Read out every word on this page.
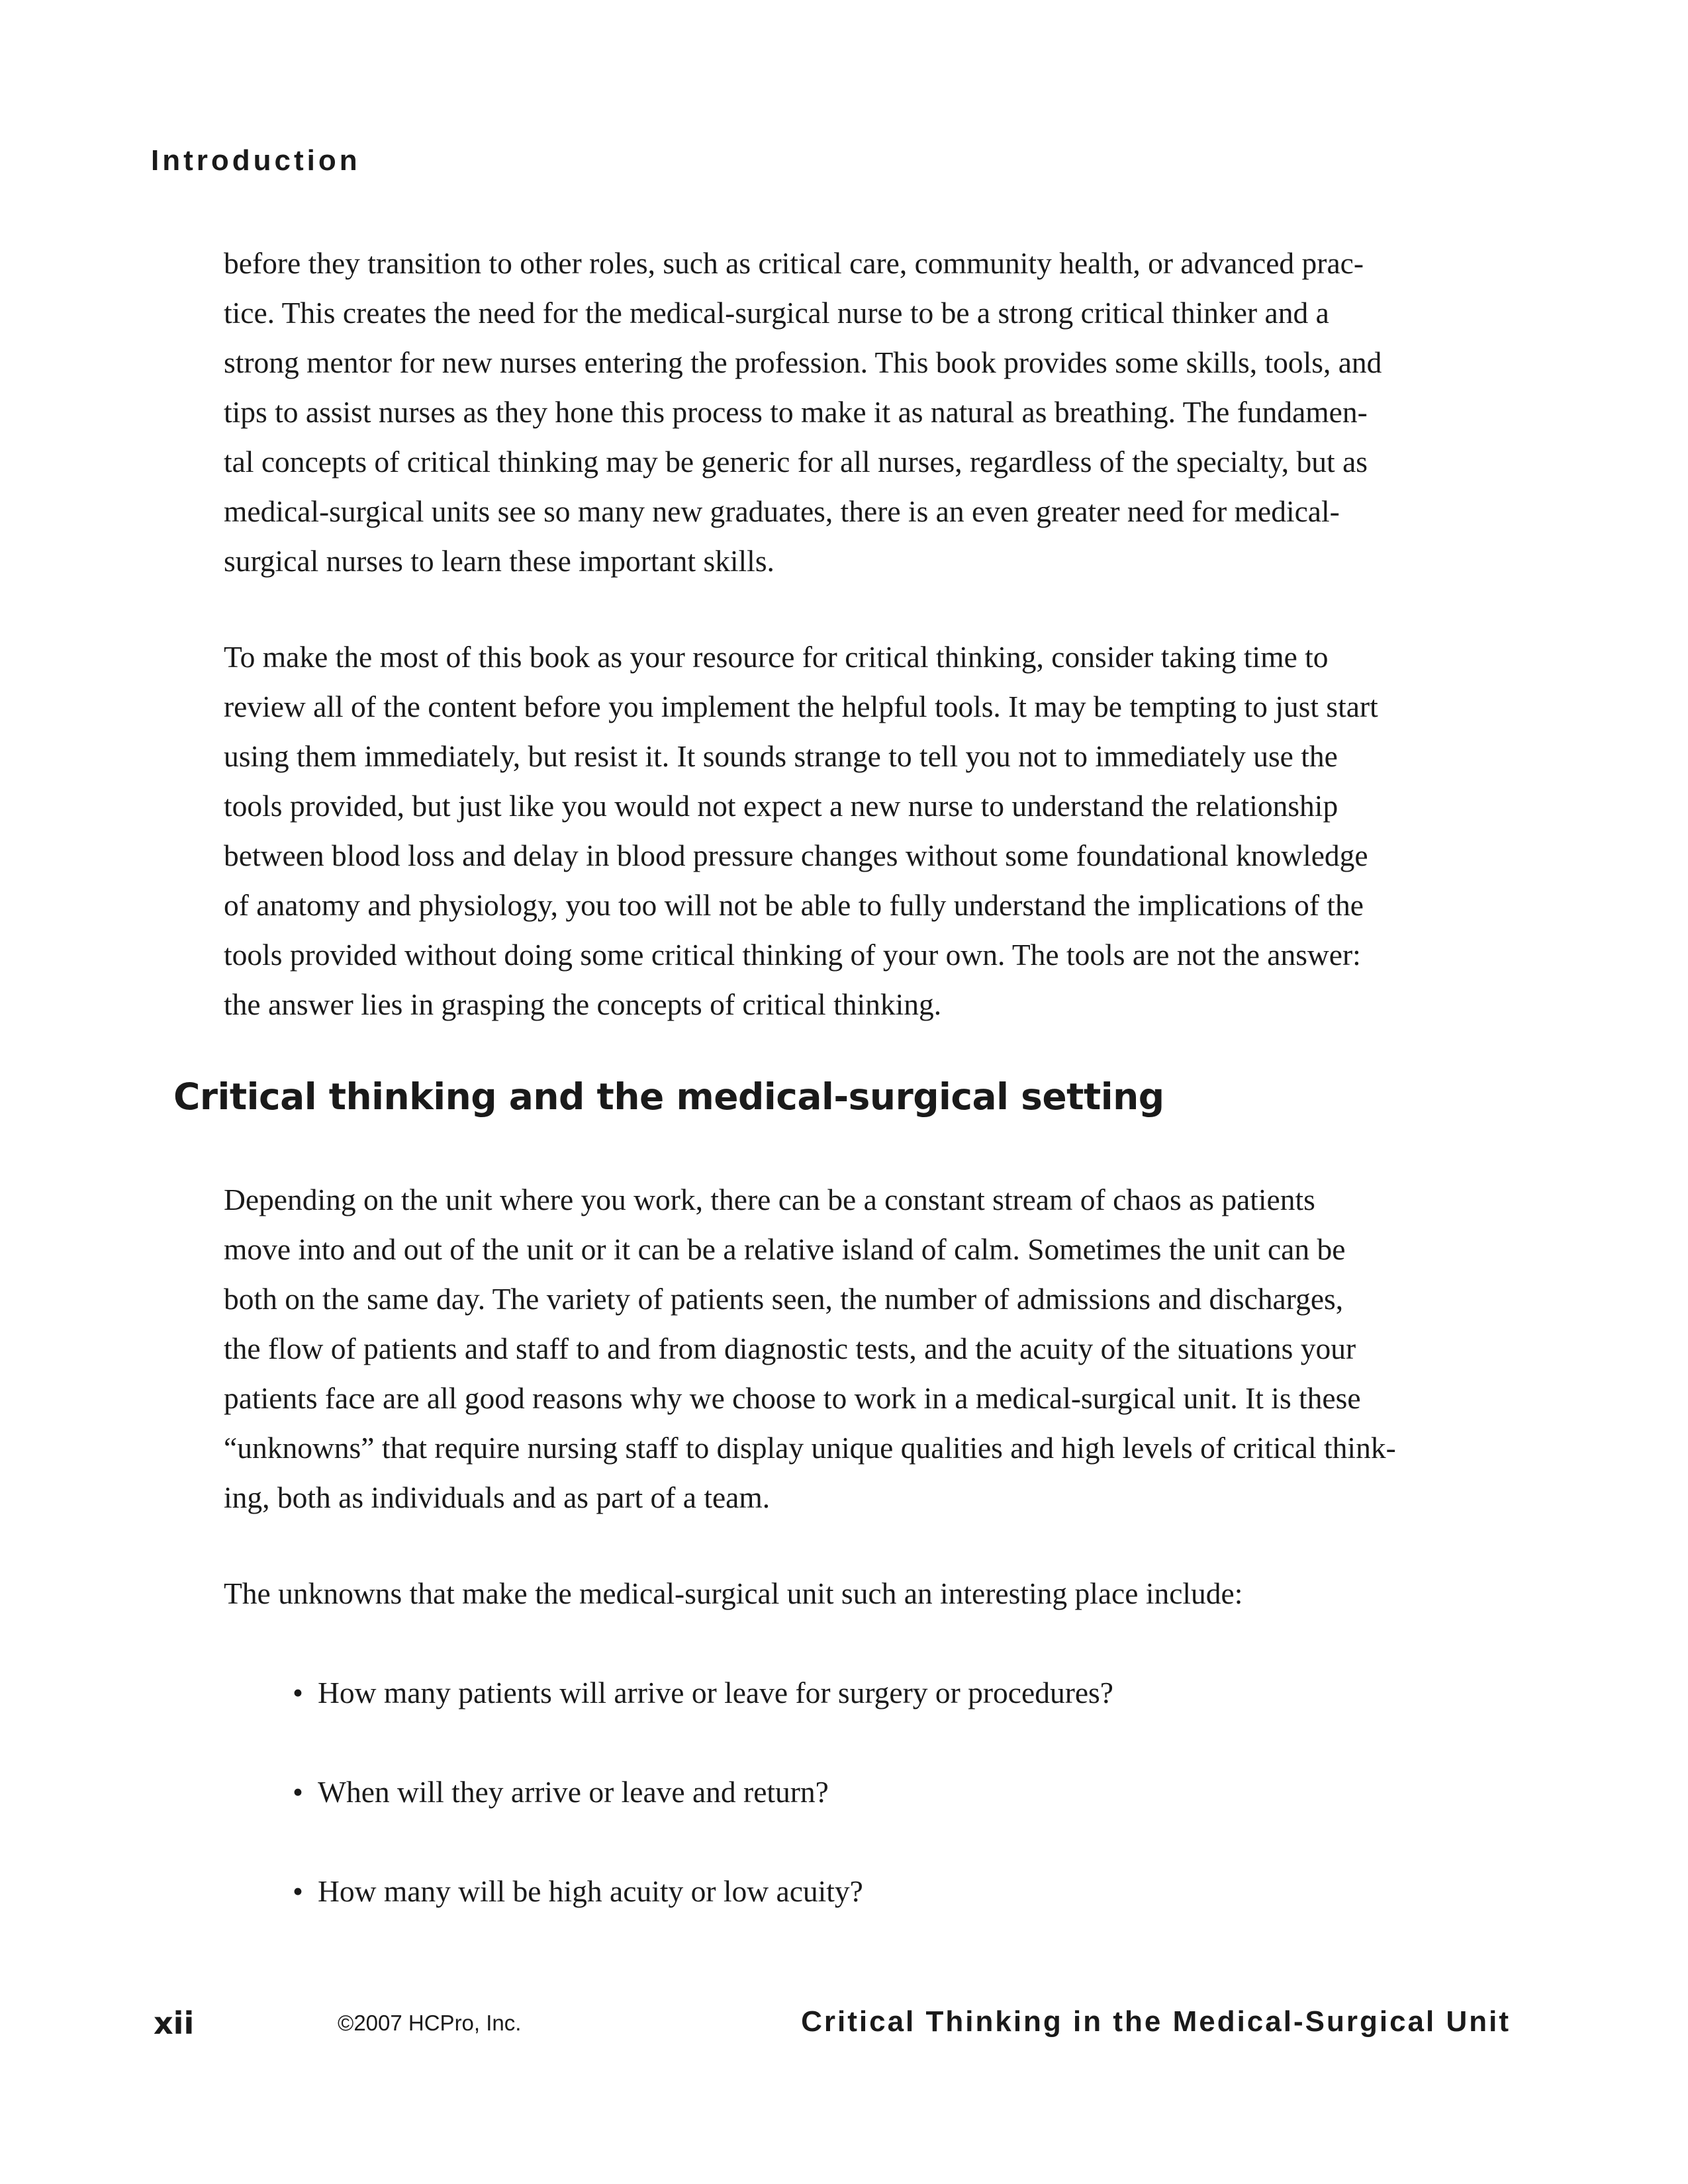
Introduction
before they transition to other roles, such as critical care, community health, or advanced prac-
tice. This creates the need for the medical-surgical nurse to be a strong critical thinker and a
strong mentor for new nurses entering the profession. This book provides some skills, tools, and
tips to assist nurses as they hone this process to make it as natural as breathing. The fundamen-
tal concepts of critical thinking may be generic for all nurses, regardless of the specialty, but as
medical-surgical units see so many new graduates, there is an even greater need for medical-
surgical nurses to learn these important skills.
To make the most of this book as your resource for critical thinking, consider taking time to
review all of the content before you implement the helpful tools. It may be tempting to just start
using them immediately, but resist it. It sounds strange to tell you not to immediately use the
tools provided, but just like you would not expect a new nurse to understand the relationship
between blood loss and delay in blood pressure changes without some foundational knowledge
of anatomy and physiology, you too will not be able to fully understand the implications of the
tools provided without doing some critical thinking of your own. The tools are not the answer:
the answer lies in grasping the concepts of critical thinking.
Critical thinking and the medical-surgical setting
Depending on the unit where you work, there can be a constant stream of chaos as patients
move into and out of the unit or it can be a relative island of calm. Sometimes the unit can be
both on the same day. The variety of patients seen, the number of admissions and discharges,
the flow of patients and staff to and from diagnostic tests, and the acuity of the situations your
patients face are all good reasons why we choose to work in a medical-surgical unit. It is these
“unknowns” that require nursing staff to display unique qualities and high levels of critical think-
ing, both as individuals and as part of a team.
The unknowns that make the medical-surgical unit such an interesting place include:
• How many patients will arrive or leave for surgery or procedures?
• When will they arrive or leave and return?
• How many will be high acuity or low acuity?
xii	©2007 HCPro, Inc.	Critical Thinking in the Medical-Surgical Unit
